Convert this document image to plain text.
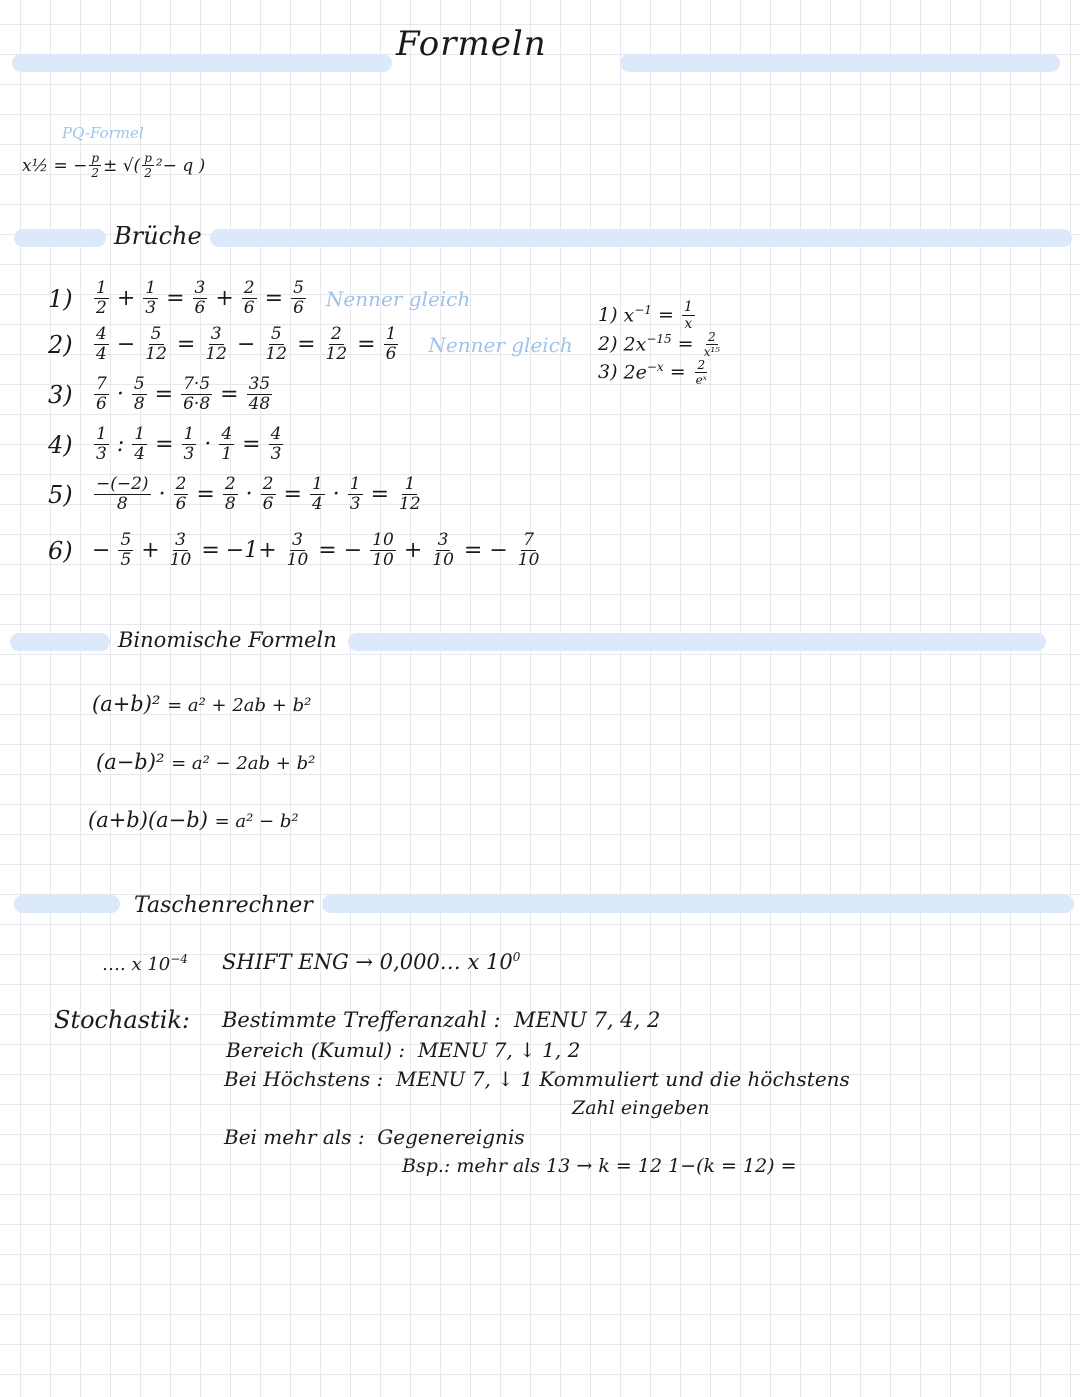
Formeln
PQ-Formel
x½ = − $\frac{p}{2}$ ± √( $\frac{p}{2} ^2 - q$ )
Brüche
1)	$\frac{1}{2} + \frac{1}{3} = \frac{3}{6} + \frac{2}{6} = \frac{5}{6}$ Nenner gleich
2)	$\frac{4}{4} - \frac{5}{12} = \frac{3}{12} - \frac{5}{12} = \frac{2}{12} = \frac{1}{6}$ Nenner gleich
3)	$\frac{7}{6} \cdot \frac{5}{8} = \frac{7\cdot 5}{6\cdot 8} = \frac{35}{48}$
4)	$\frac{1}{3}$ : $\frac{1}{4} = \frac{1}{3} \cdot \frac{4}{1} = \frac{4}{3}$
5)	$\frac{-(-2)}{8} \cdot \frac{2}{6} = \frac{2}{8} \cdot \frac{2}{6} = \frac{1}{4} \cdot \frac{1}{3} = \frac{1}{12}$
$6) - \frac{5}{5} + \frac{3}{10} = -1+ \frac{3}{10}$ = − $\frac{10}{10} + \frac{3}{10}$ = − $\frac{7}{10}$
1) $x^{-1} = \frac{1}{x}$
2) $2x^{-15} = \frac{2}{\text{x¹⁵}}$
3) $2e^{-x} = \frac{2}{\text{eˣ}}$
Binomische Formeln
(a+b)² = a² + 2ab + b²
(a−b)² = a² − 2ab + b²
(a+b)(a−b) = a² − b²
Taschenrechner
…. x $10^{-4}$ SHIFT ENG → 0,000… x $10^0$
Stochastik: Bestimmte Trefferanzahl : MENU 7, 4, 2
Bereich (Kumul) : MENU 7, ↓ 1, 2
Bei Höchstens : MENU 7, ↓ 1 Kommuliert und die höchstens
Zahl eingeben
Bei mehr als : Gegenereignis
Bsp.: mehr als 13 → k = 12 1−(k = 12) =
